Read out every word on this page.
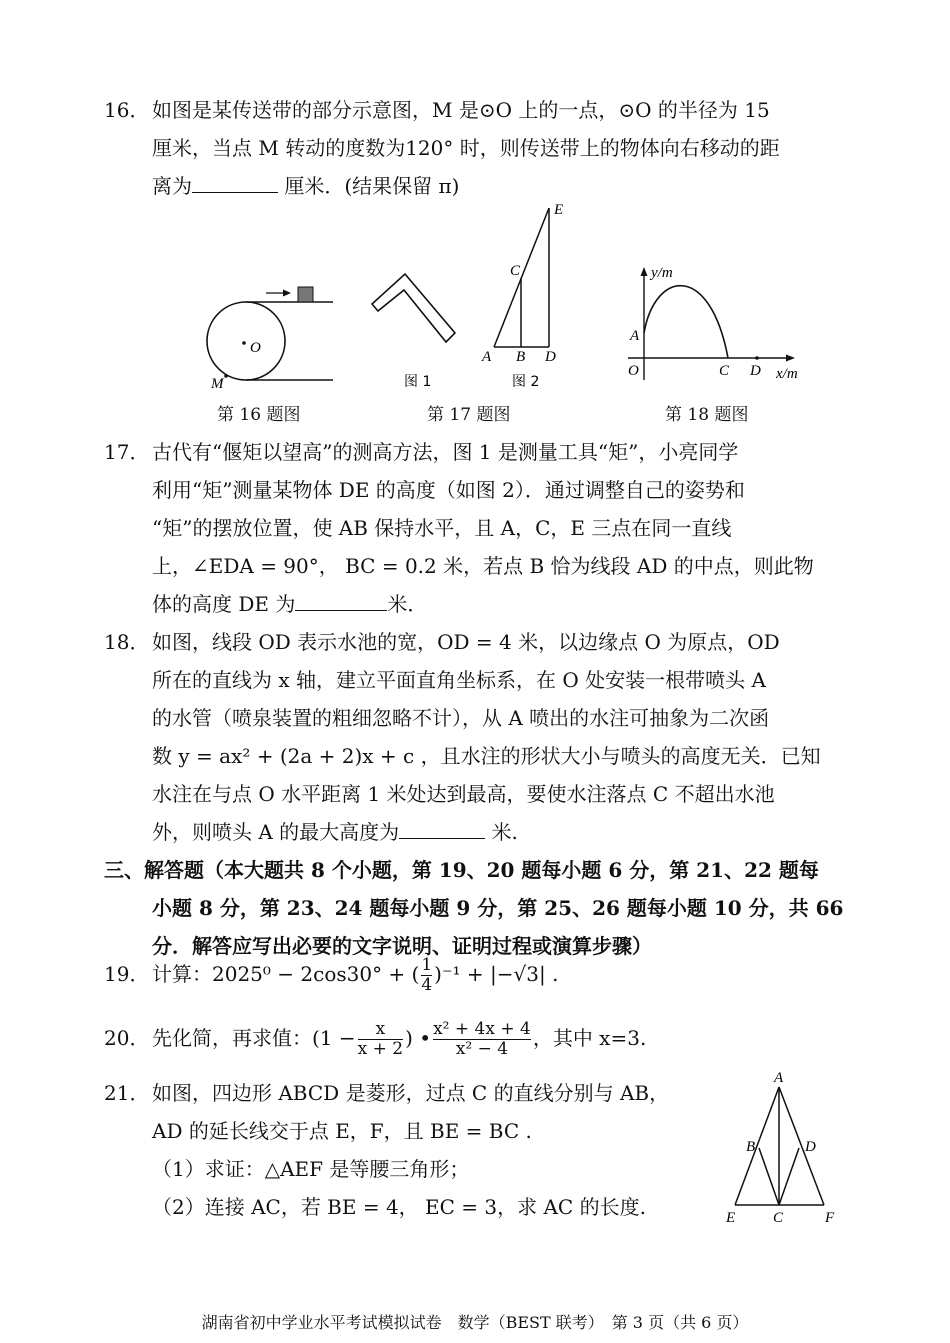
16． 如图是某传送带的部分示意图，M 是⊙O 上的一点，⊙O 的半径为 15
厘米，当点 M 转动的度数为120° 时，则传送带上的物体向右移动的距
离为	厘米．(结果保留 π)
O
M	图 1
A B D
C
E
图 2
y/m
x/m
O
A
C D
A
B	D
E	C	F
第 16 题图	第 17 题图	第 18 题图
17． 古代有“偃矩以望高”的测高方法，图 1 是测量工具“矩”，小亮同学
利用“矩”测量某物体 DE 的高度（如图 2）．通过调整自己的姿势和
“矩”的摆放位置，使 AB 保持水平，且 A，C，E 三点在同一直线
上，∠EDA = 90°， BC = 0.2 米，若点 B 恰为线段 AD 的中点，则此物
体的高度 DE 为	米．
18． 如图，线段 OD 表示水池的宽，OD = 4 米，以边缘点 O 为原点，OD
所在的直线为 x 轴，建立平面直角坐标系，在 O 处安装一根带喷头 A
的水管（喷泉装置的粗细忽略不计），从 A 喷出的水注可抽象为二次函
数 y = ax² + (2a + 2)x + c ，且水注的形状大小与喷头的高度无关．已知
水注在与点 O 水平距离 1 米处达到最高，要使水注落点 C 不超出水池
外，则喷头 A 的最大高度为	米.
三、解答题（本大题共 8 个小题，第 19、20 题每小题 6 分，第 21、22 题每
小题 8 分，第 23、24 题每小题 9 分，第 25、26 题每小题 10 分，共 66
分．解答应写出必要的文字说明、证明过程或演算步骤）
19． 计算：2025⁰ − 2cos30° + ( $\frac{1}{4} )^{-1} + |-√3|$ .
20． 先化简，再求值：($1 - \frac{x}{x + 2}$ ) • $\frac{\text{x² + 4x + 4}}{\text{x² − 4}}$ ，其中 x=3.
21． 如图，四边形 ABCD 是菱形，过点 C 的直线分别与 AB，
AD 的延长线交于点 E，F，且 BE = BC .
（1）求证：△AEF 是等腰三角形；
（2）连接 AC，若 BE = 4， EC = 3，求 AC 的长度.
湖南省初中学业水平考试模拟试卷　数学（BEST 联考）　第 3 页（共 6 页）
